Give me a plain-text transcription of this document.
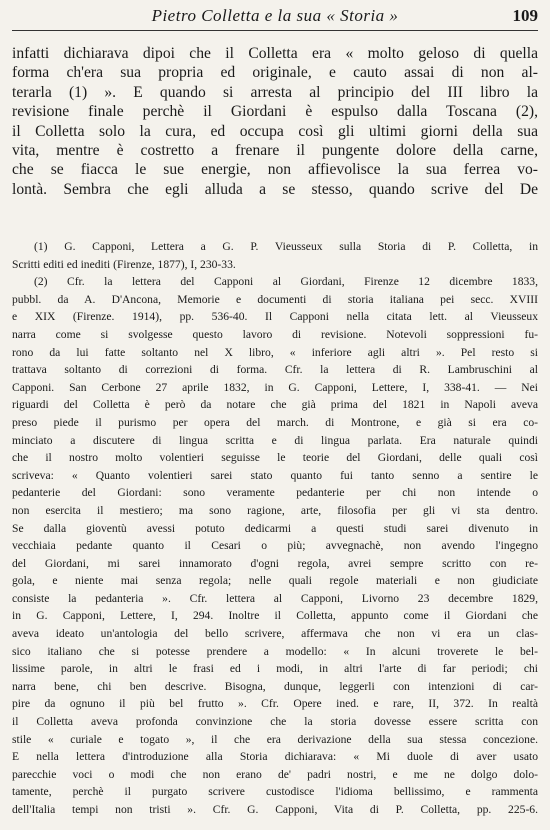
Pietro Colletta e la sua « Storia »	109
infatti dichiarava dipoi che il Colletta era « molto geloso di quella
forma ch'era sua propria ed originale, e cauto assai di non al-
terarla (1) ». E quando si arresta al principio del III libro la
revisione finale perchè il Giordani è espulso dalla Toscana (2),
il Colletta solo la cura, ed occupa così gli ultimi giorni della sua
vita, mentre è costretto a frenare il pungente dolore della carne,
che se fiacca le sue energie, non affievolisce la sua ferrea vo-
lontà. Sembra che egli alluda a se stesso, quando scrive del De
(1) G. Capponi, Lettera a G. P. Vieusseux sulla Storia di P. Colletta, in
Scritti editi ed inediti (Firenze, 1877), I, 230-33.
(2) Cfr. la lettera del Capponi al Giordani, Firenze 12 dicembre 1833,
pubbl. da A. D'Ancona, Memorie e documenti di storia italiana pei secc. XVIII
e XIX (Firenze. 1914), pp. 536-40. Il Capponi nella citata lett. al Vieusseux
narra come si svolgesse questo lavoro di revisione. Notevoli soppressioni fu-
rono da lui fatte soltanto nel X libro, « inferiore agli altri ». Pel resto si
trattava soltanto di correzioni di forma. Cfr. la lettera di R. Lambruschini al
Capponi. San Cerbone 27 aprile 1832, in G. Capponi, Lettere, I, 338-41. — Nei
riguardi del Colletta è però da notare che già prima del 1821 in Napoli aveva
preso piede il purismo per opera del march. di Montrone, e già si era co-
minciato a discutere di lingua scritta e di lingua parlata. Era naturale quindi
che il nostro molto volentieri seguisse le teorie del Giordani, delle quali così
scriveva: « Quanto volentieri sarei stato quanto fui tanto senno a sentire le
pedanterie del Giordani: sono veramente pedanterie per chi non intende o
non esercita il mestiero; ma sono ragione, arte, filosofia per gli vi sta dentro.
Se dalla gioventù avessi potuto dedicarmi a questi studi sarei divenuto in
vecchiaia pedante quanto il Cesari o più; avvegnachè, non avendo l'ingegno
del Giordani, mi sarei innamorato d'ogni regola, avrei sempre scritto con re-
gola, e niente mai senza regola; nelle quali regole materiali e non giudiciate
consiste la pedanteria ». Cfr. lettera al Capponi, Livorno 23 decembre 1829,
in G. Capponi, Lettere, I, 294. Inoltre il Colletta, appunto come il Giordani che
aveva ideato un'antologia del bello scrivere, affermava che non vi era un clas-
sico italiano che si potesse prendere a modello: « In alcuni troverete le bel-
lissime parole, in altri le frasi ed i modi, in altri l'arte di far periodi; chi
narra bene, chi ben descrive. Bisogna, dunque, leggerli con intenzioni di car-
pire da ognuno il più bel frutto ». Cfr. Opere ined. e rare, II, 372. In realtà
il Colletta aveva profonda convinzione che la storia dovesse essere scritta con
stile « curiale e togato », il che era derivazione della sua stessa concezione.
E nella lettera d'introduzione alla Storia dichiarava: « Mi duole di aver usato
parecchie voci o modi che non erano de' padri nostri, e me ne dolgo dolo-
tamente, perchè il purgato scrivere custodisce l'idioma bellissimo, e rammenta
dell'Italia tempi non tristi ». Cfr. G. Capponi, Vita di P. Colletta, pp. 225-6.
